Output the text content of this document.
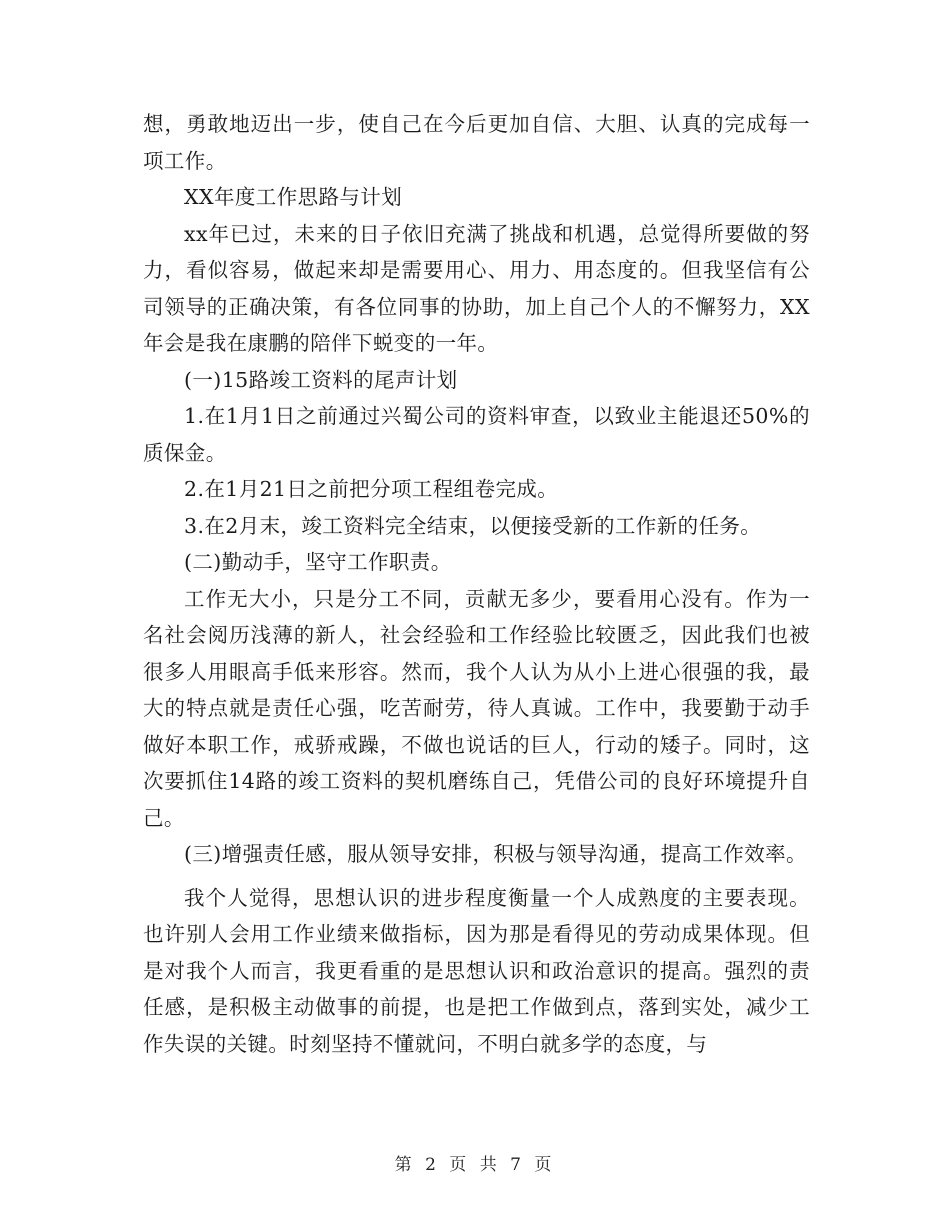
想，勇敢地迈出一步，使自己在今后更加自信、大胆、认真的完成每一项工作。

XX年度工作思路与计划

xx年已过，未来的日子依旧充满了挑战和机遇，总觉得所要做的努力，看似容易，做起来却是需要用心、用力、用态度的。但我坚信有公司领导的正确决策，有各位同事的协助，加上自己个人的不懈努力，XX年会是我在康鹏的陪伴下蜕变的一年。

(一)15路竣工资料的尾声计划

1.在1月1日之前通过兴蜀公司的资料审查，以致业主能退还50%的质保金。

2.在1月21日之前把分项工程组卷完成。

3.在2月末，竣工资料完全结束，以便接受新的工作新的任务。

(二)勤动手，坚守工作职责。

工作无大小，只是分工不同，贡献无多少，要看用心没有。作为一名社会阅历浅薄的新人，社会经验和工作经验比较匮乏，因此我们也被很多人用眼高手低来形容。然而，我个人认为从小上进心很强的我，最大的特点就是责任心强，吃苦耐劳，待人真诚。工作中，我要勤于动手做好本职工作，戒骄戒躁，不做也说话的巨人，行动的矮子。同时，这次要抓住14路的竣工资料的契机磨练自己，凭借公司的良好环境提升自己。

(三)增强责任感，服从领导安排，积极与领导沟通，提高工作效率。

我个人觉得，思想认识的进步程度衡量一个人成熟度的主要表现。也许别人会用工作业绩来做指标，因为那是看得见的劳动成果体现。但是对我个人而言，我更看重的是思想认识和政治意识的提高。强烈的责任感，是积极主动做事的前提，也是把工作做到点，落到实处，减少工作失误的关键。时刻坚持不懂就问，不明白就多学的态度，与

第 2 页 共 7 页
